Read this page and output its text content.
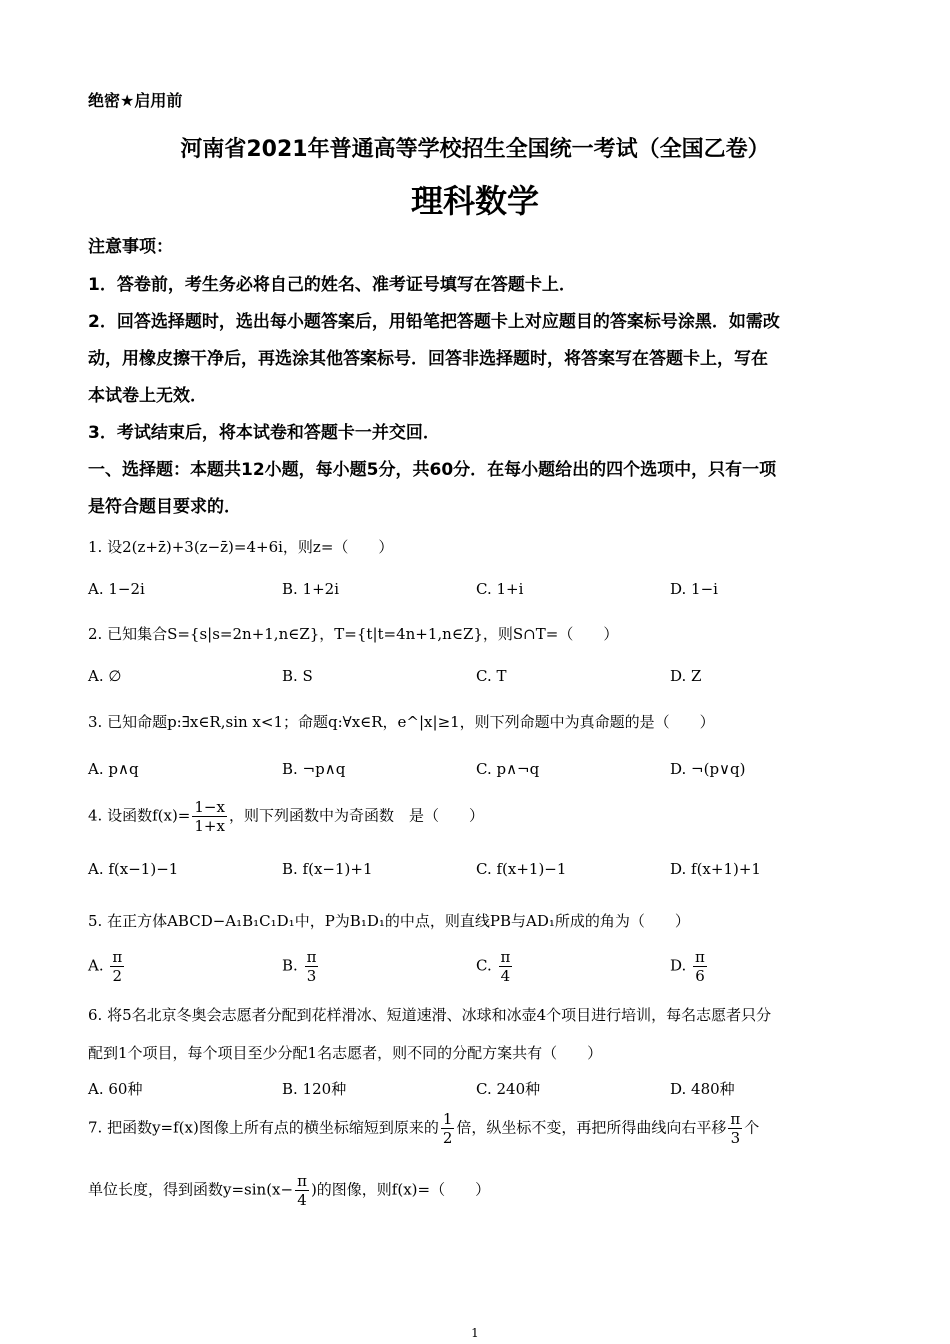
绝密★启用前
河南省2021年普通高等学校招生全国统一考试（全国乙卷）
理科数学
注意事项：
1．答卷前，考生务必将自己的姓名、准考证号填写在答题卡上．
2．回答选择题时，选出每小题答案后，用铅笔把答题卡上对应题目的答案标号涂黑．如需改
动，用橡皮擦干净后，再选涂其他答案标号．回答非选择题时，将答案写在答题卡上，写在
本试卷上无效．
3．考试结束后，将本试卷和答题卡一并交回．
一、选择题：本题共12小题，每小题5分，共60分．在每小题给出的四个选项中，只有一项
是符合题目要求的．
1. 设2(z+z̄)+3(z−z̄)=4+6i，则z=（　　）
A. 1−2i	B. 1+2i	C. 1+i	D. 1−i
2. 已知集合S={s|s=2n+1,n∈Z}，T={t|t=4n+1,n∈Z}，则S∩T=（　　）
A. ∅	B. S	C. T	D. Z
3. 已知命题p:∃x∈R,sin x<1；命题q:∀x∈R，e^|x|≥1，则下列命题中为真命题的是（　　）
A. p∧q	B. ¬p∧q	C. p∧¬q	D. ¬(p∨q)
4. 设函数$f(x)= \frac{1-x}{1+x}$ ，则下列函数中为奇函数　是（　　）
A. f(x−1)−1	B. f(x−1)+1	C. f(x+1)−1	D. f(x+1)+1
5. 在正方体ABCD−A₁B₁C₁D₁中，P为B₁D₁的中点，则直线PB与AD₁所成的角为（　　）
A. $\frac{\pi}{2}$	B. $\frac{\pi}{3}$	C. $\frac{\pi}{4}$	D. $\frac{\pi}{6}$
6. 将5名北京冬奥会志愿者分配到花样滑冰、短道速滑、冰球和冰壶4个项目进行培训，每名志愿者只分
配到1个项目，每个项目至少分配1名志愿者，则不同的分配方案共有（　　）
A. 60种	B. 120种	C. 240种	D. 480种
7. 把函数y=f(x)图像上所有点的横坐标缩短到原来的 $\frac{1}{2}$ 倍，纵坐标不变，再把所得曲线向右平移 $\frac{\pi}{3}$ 个
单位长度，得到函数$y=\sin(x- \frac{\pi}{4}$ )的图像，则f(x)=（　　）
1
